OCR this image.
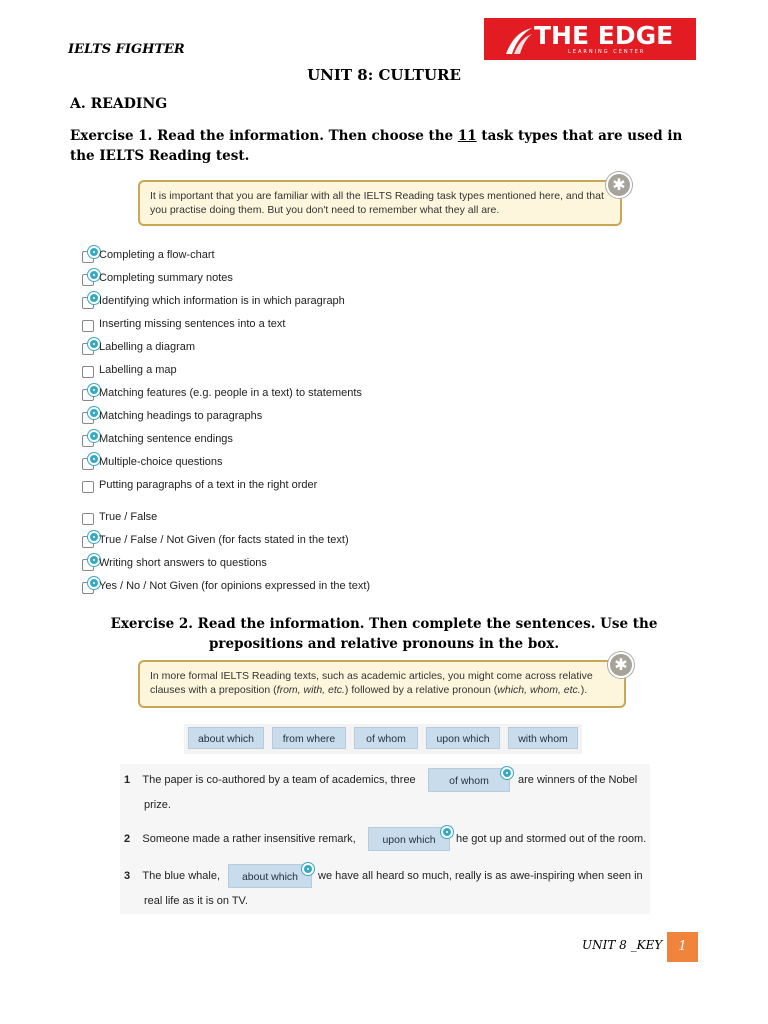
IELTS FIGHTER	THE EDGE
LEARNING CENTER
UNIT 8: CULTURE
A. READING
Exercise 1. Read the information. Then choose the 11 task types that are used in the IELTS Reading test.
It is important that you are familiar with all the IELTS Reading task types mentioned here, and that you practise doing them. But you don't need to remember what they all are.
✱
Completing a flow-chart
Completing summary notes
Identifying which information is in which paragraph
Inserting missing sentences into a text
Labelling a diagram
Labelling a map
Matching features (e.g. people in a text) to statements
Matching headings to paragraphs
Matching sentence endings
Multiple-choice questions
Putting paragraphs of a text in the right order
True / False
True / False / Not Given (for facts stated in the text)
Writing short answers to questions
Yes / No / Not Given (for opinions expressed in the text)
Exercise 2. Read the information. Then complete the sentences. Use the prepositions and relative pronouns in the box.
In more formal IELTS Reading texts, such as academic articles, you might come across relative clauses with a preposition (from, with, etc.) followed by a relative pronoun (which, whom, etc.).
✱
about which	from where	of whom	upon which	with whom
1 The paper is co-authored by a team of academics, three	of whom	are winners of the Nobel
prize.
2 Someone made a rather insensitive remark,	upon which	he got up and stormed out of the room.
3 The blue whale,	about which	we have all heard so much, really is as awe-inspiring when seen in
real life as it is on TV.
UNIT 8 _KEY	1
